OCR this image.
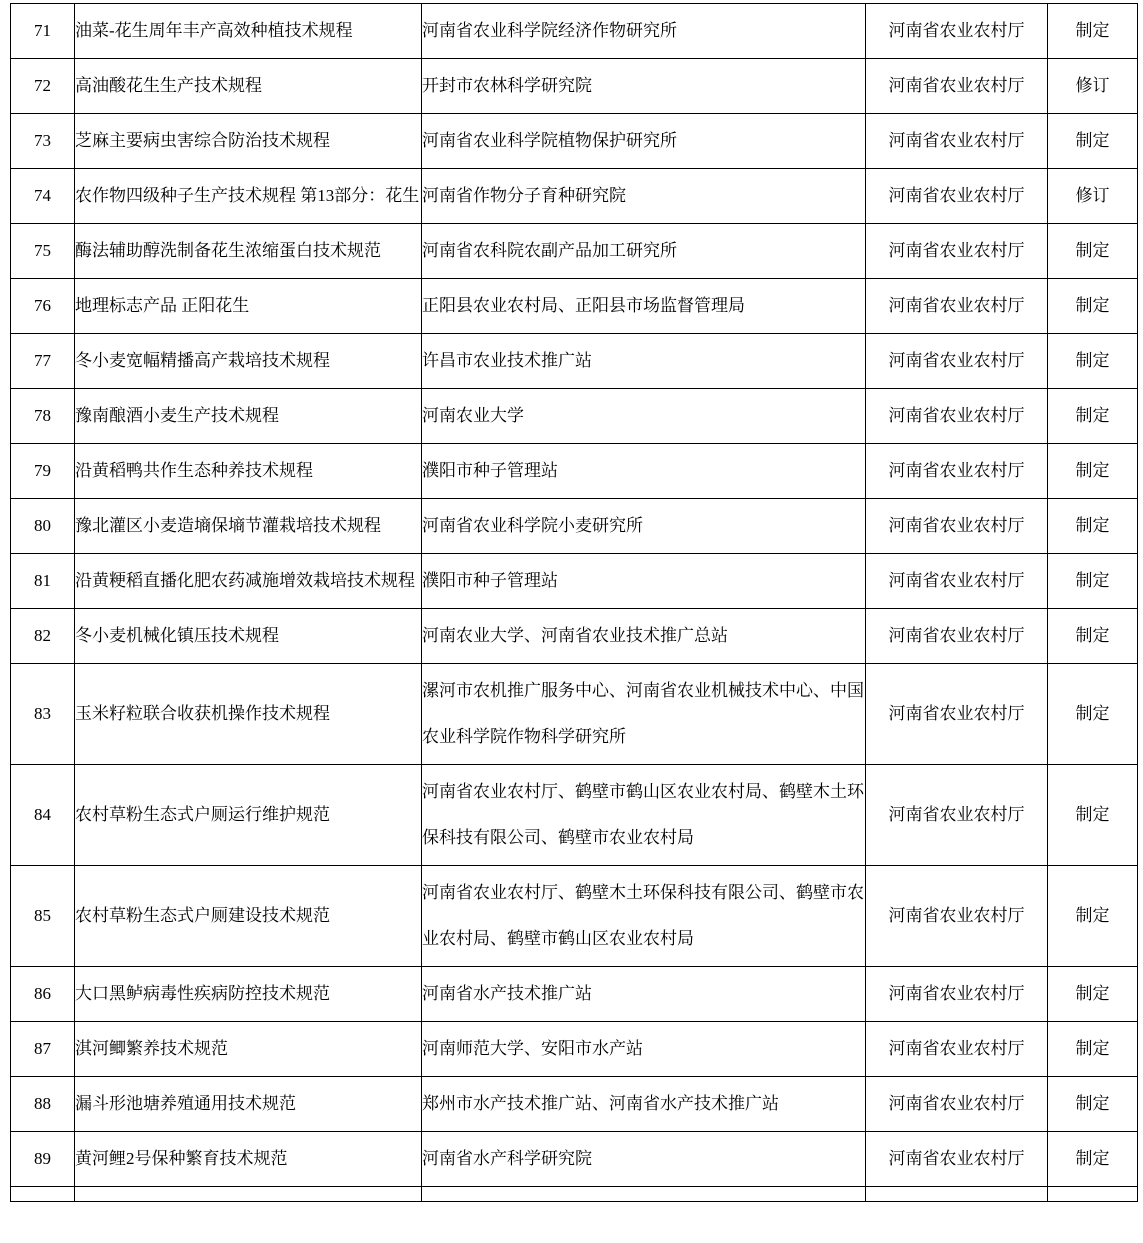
71	油菜-花生周年丰产高效种植技术规程	河南省农业科学院经济作物研究所	河南省农业农村厅	制定
72	高油酸花生生产技术规程	开封市农林科学研究院	河南省农业农村厅	修订
73	芝麻主要病虫害综合防治技术规程	河南省农业科学院植物保护研究所	河南省农业农村厅	制定
74	农作物四级种子生产技术规程 第13部分：花生	河南省作物分子育种研究院	河南省农业农村厅	修订
75	酶法辅助醇洗制备花生浓缩蛋白技术规范	河南省农科院农副产品加工研究所	河南省农业农村厅	制定
76	地理标志产品 正阳花生	正阳县农业农村局、正阳县市场监督管理局	河南省农业农村厅	制定
77	冬小麦宽幅精播高产栽培技术规程	许昌市农业技术推广站	河南省农业农村厅	制定
78	豫南酿酒小麦生产技术规程	河南农业大学	河南省农业农村厅	制定
79	沿黄稻鸭共作生态种养技术规程	濮阳市种子管理站	河南省农业农村厅	制定
80	豫北灌区小麦造墒保墒节灌栽培技术规程	河南省农业科学院小麦研究所	河南省农业农村厅	制定
81	沿黄粳稻直播化肥农药减施增效栽培技术规程	濮阳市种子管理站	河南省农业农村厅	制定
82	冬小麦机械化镇压技术规程	河南农业大学、河南省农业技术推广总站	河南省农业农村厅	制定
83	玉米籽粒联合收获机操作技术规程	漯河市农机推广服务中心、河南省农业机械技术中心、中国农业科学院作物科学研究所	河南省农业农村厅	制定
84	农村草粉生态式户厕运行维护规范	河南省农业农村厅、鹤壁市鹤山区农业农村局、鹤壁木土环保科技有限公司、鹤壁市农业农村局	河南省农业农村厅	制定
85	农村草粉生态式户厕建设技术规范	河南省农业农村厅、鹤壁木土环保科技有限公司、鹤壁市农业农村局、鹤壁市鹤山区农业农村局	河南省农业农村厅	制定
86	大口黑鲈病毒性疾病防控技术规范	河南省水产技术推广站	河南省农业农村厅	制定
87	淇河鲫繁养技术规范	河南师范大学、安阳市水产站	河南省农业农村厅	制定
88	漏斗形池塘养殖通用技术规范	郑州市水产技术推广站、河南省水产技术推广站	河南省农业农村厅	制定
89	黄河鲤2号保种繁育技术规范	河南省水产科学研究院	河南省农业农村厅	制定
